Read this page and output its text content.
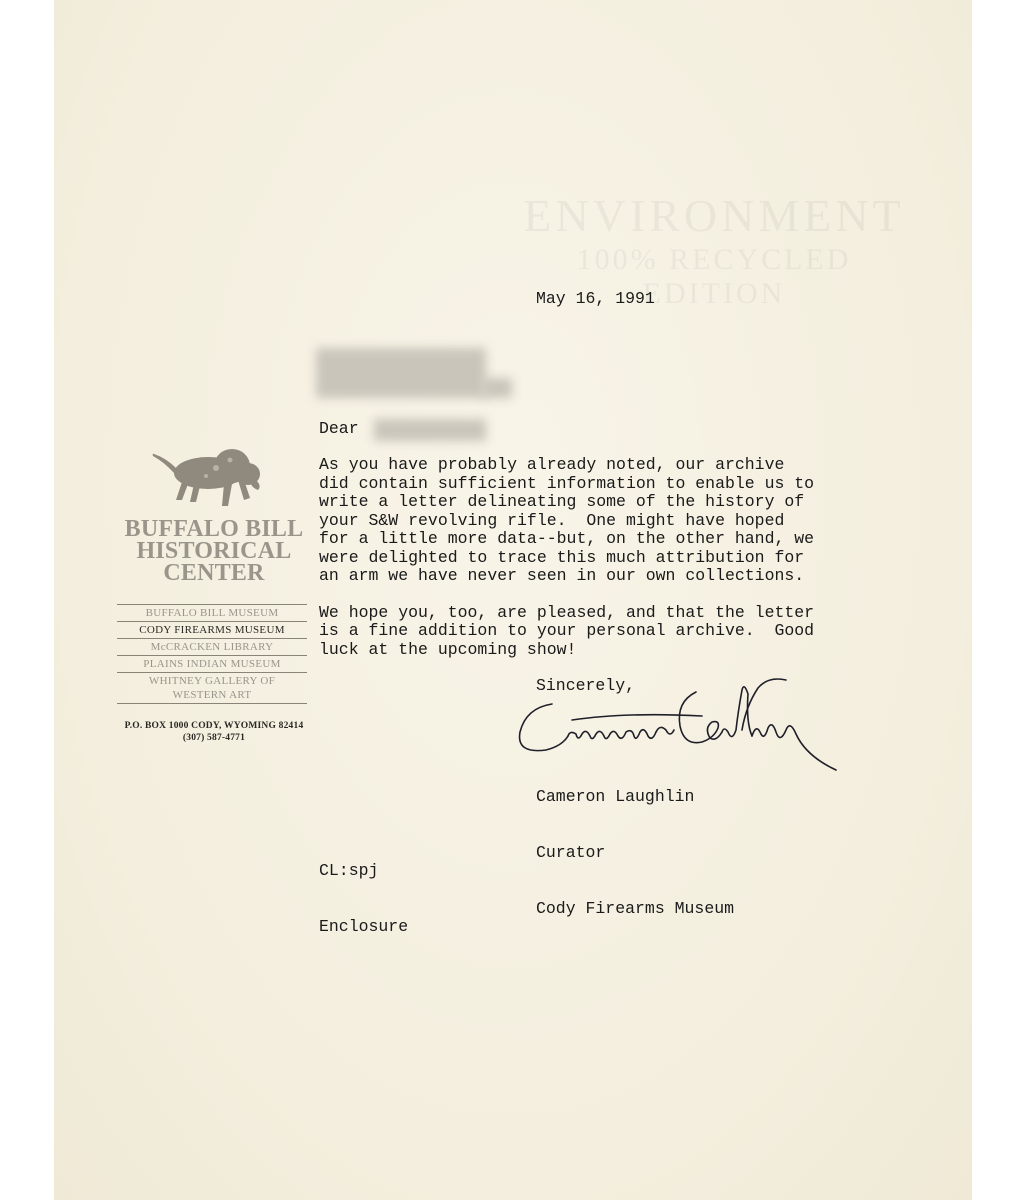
BUFFALO BILL
HISTORICAL
CENTER
BUFFALO BILL MUSEUM
CODY FIREARMS MUSEUM
McCRACKEN LIBRARY
PLAINS INDIAN MUSEUM
WHITNEY GALLERY OF WESTERN ART
P.O. BOX 1000 CODY, WYOMING 82414
(307) 587-4771
May 16, 1991
Dear
As you have probably already noted, our archive
did contain sufficient information to enable us to
write a letter delineating some of the history of
your S&W revolving rifle.  One might have hoped
for a little more data--but, on the other hand, we
were delighted to trace this much attribution for
an arm we have never seen in our own collections.
We hope you, too, are pleased, and that the letter
is a fine addition to your personal archive.  Good
luck at the upcoming show!
Sincerely,

Cameron Laughlin

Curator

Cody Firearms Museum

CL:spj

Enclosure
